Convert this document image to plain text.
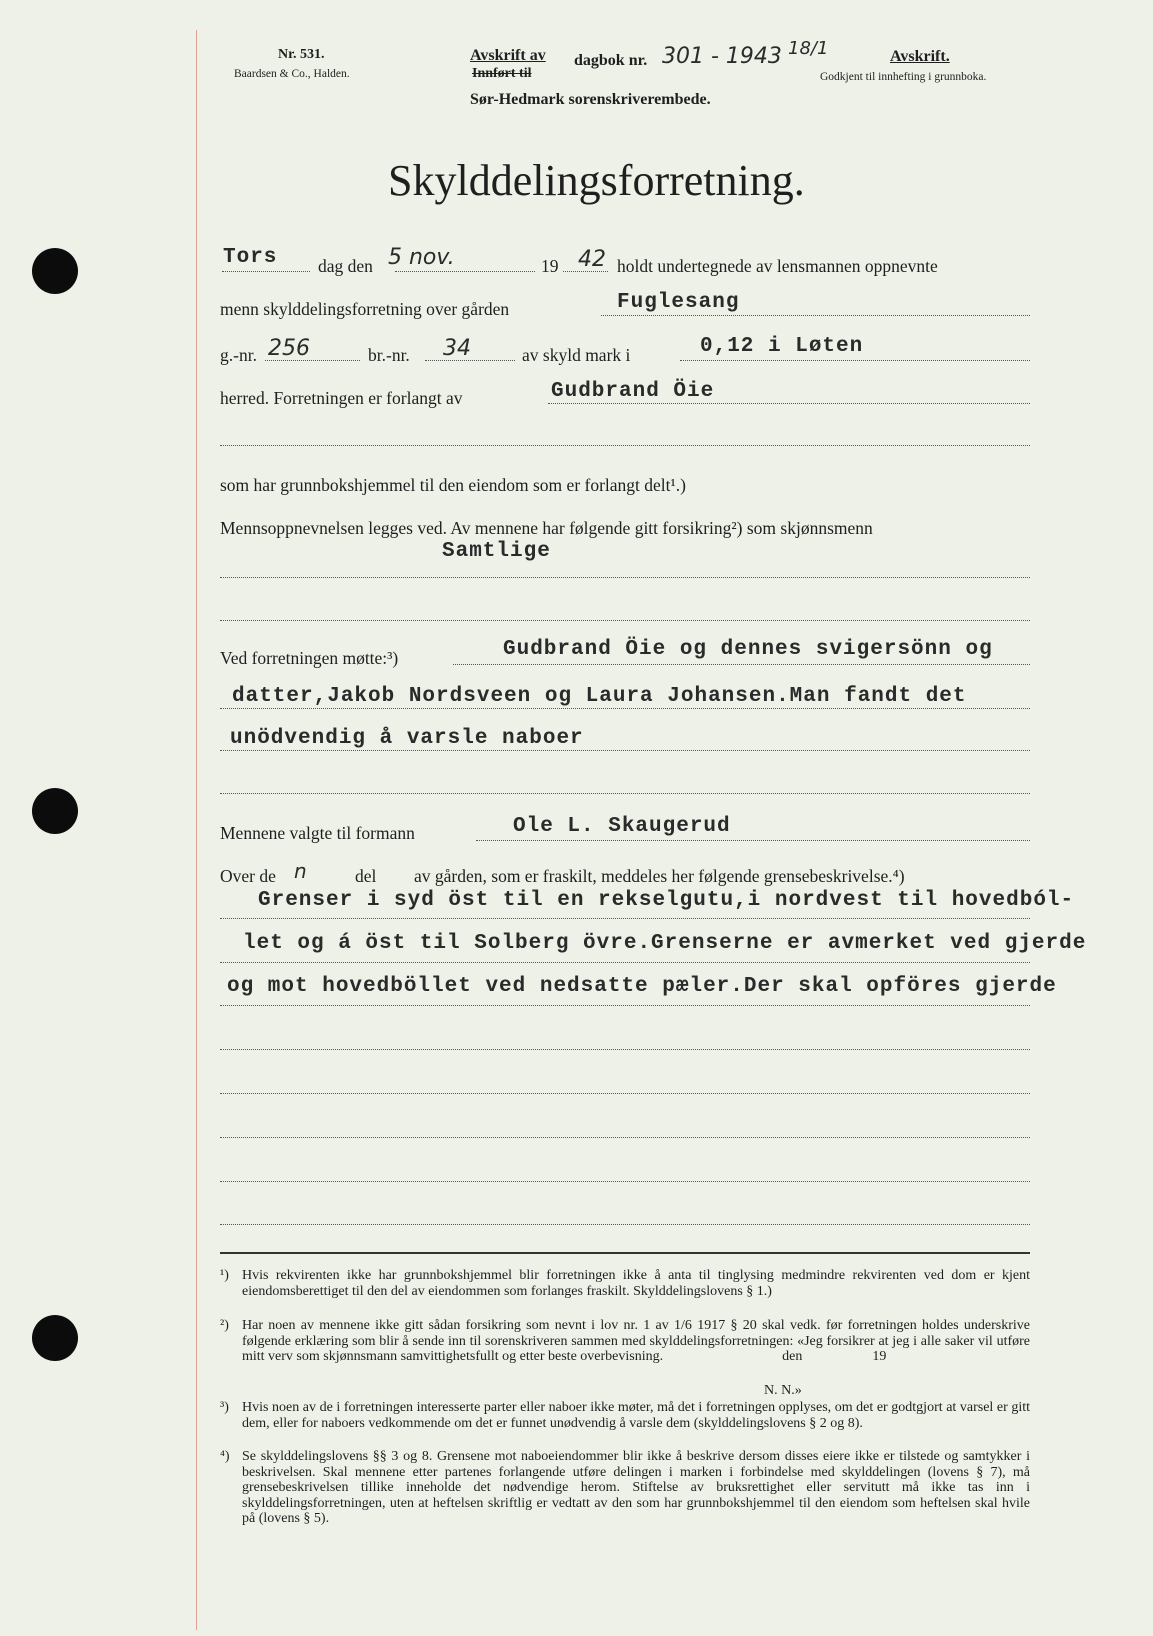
Nr. 531.
Baardsen & Co., Halden.
Avskrift av
Innført til
dagbok nr. 301 - 1943 18/1
Sør-Hedmark sorenskriverembede.
Avskrift.
Godkjent til innhefting i grunnboka.
Skylddelingsforretning.
Tors dag den 5 nov.	19 42 holdt undertegnede av lensmannen oppnevnte
menn skylddelingsforretning over gården	Fuglesang
g.-nr. 256	br.-nr. 34	av skyld mark i	0,12 i Løten
herred. Forretningen er forlangt av	Gudbrand Öie
som har grunnbokshjemmel til den eiendom som er forlangt delt¹.)
Mennsoppnevnelsen legges ved. Av mennene har følgende gitt forsikring²) som skjønnsmenn
Samtlige
Ved forretningen møtte:³)	Gudbrand Öie og dennes svigersönn og
datter,Jakob Nordsveen og Laura Johansen.Man fandt det
unödvendig å varsle naboer
Mennene valgte til formann	Ole L. Skaugerud
Over de n	del av gården, som er fraskilt, meddeles her følgende grensebeskrivelse.⁴)
Grenser i syd öst til en rekselgutu,i nordvest til hovedból-
let og á öst til Solberg övre.Grenserne er avmerket ved gjerde
og mot hovedböllet ved nedsatte pæler.Der skal opföres gjerde
¹) Hvis rekvirenten ikke har grunnbokshjemmel blir forretningen ikke å anta til tinglysing medmindre rekvirenten ved dom er kjent eiendomsberettiget til den del av eiendommen som forlanges fraskilt. Skylddelingslovens § 1.)
²) Har noen av mennene ikke gitt sådan forsikring som nevnt i lov nr. 1 av 1/6 1917 § 20 skal vedk. før forretningen holdes underskrive følgende erklæring som blir å sende inn til sorenskriveren sammen med skylddelingsforretningen: «Jeg forsikrer at jeg i alle saker vil utføre mitt verv som skjønnsmann samvittighetsfullt og etter beste overbevisning.                                  den                    19
N. N.»
³) Hvis noen av de i forretningen interesserte parter eller naboer ikke møter, må det i forretningen opplyses, om det er godtgjort at varsel er gitt dem, eller for naboers vedkommende om det er funnet unødvendig å varsle dem (skylddelingslovens § 2 og 8).
⁴) Se skylddelingslovens §§ 3 og 8. Grensene mot naboeiendommer blir ikke å beskrive dersom disses eiere ikke er tilstede og samtykker i beskrivelsen. Skal mennene etter partenes forlangende utføre delingen i marken i forbindelse med skylddelingen (lovens § 7), må grensebeskrivelsen tillike inneholde det nødvendige herom. Stiftelse av bruksrettighet eller servitutt må ikke tas inn i skylddelingsforretningen, uten at heftelsen skriftlig er vedtatt av den som har grunnbokshjemmel til den eiendom som heftelsen skal hvile på (lovens § 5).
